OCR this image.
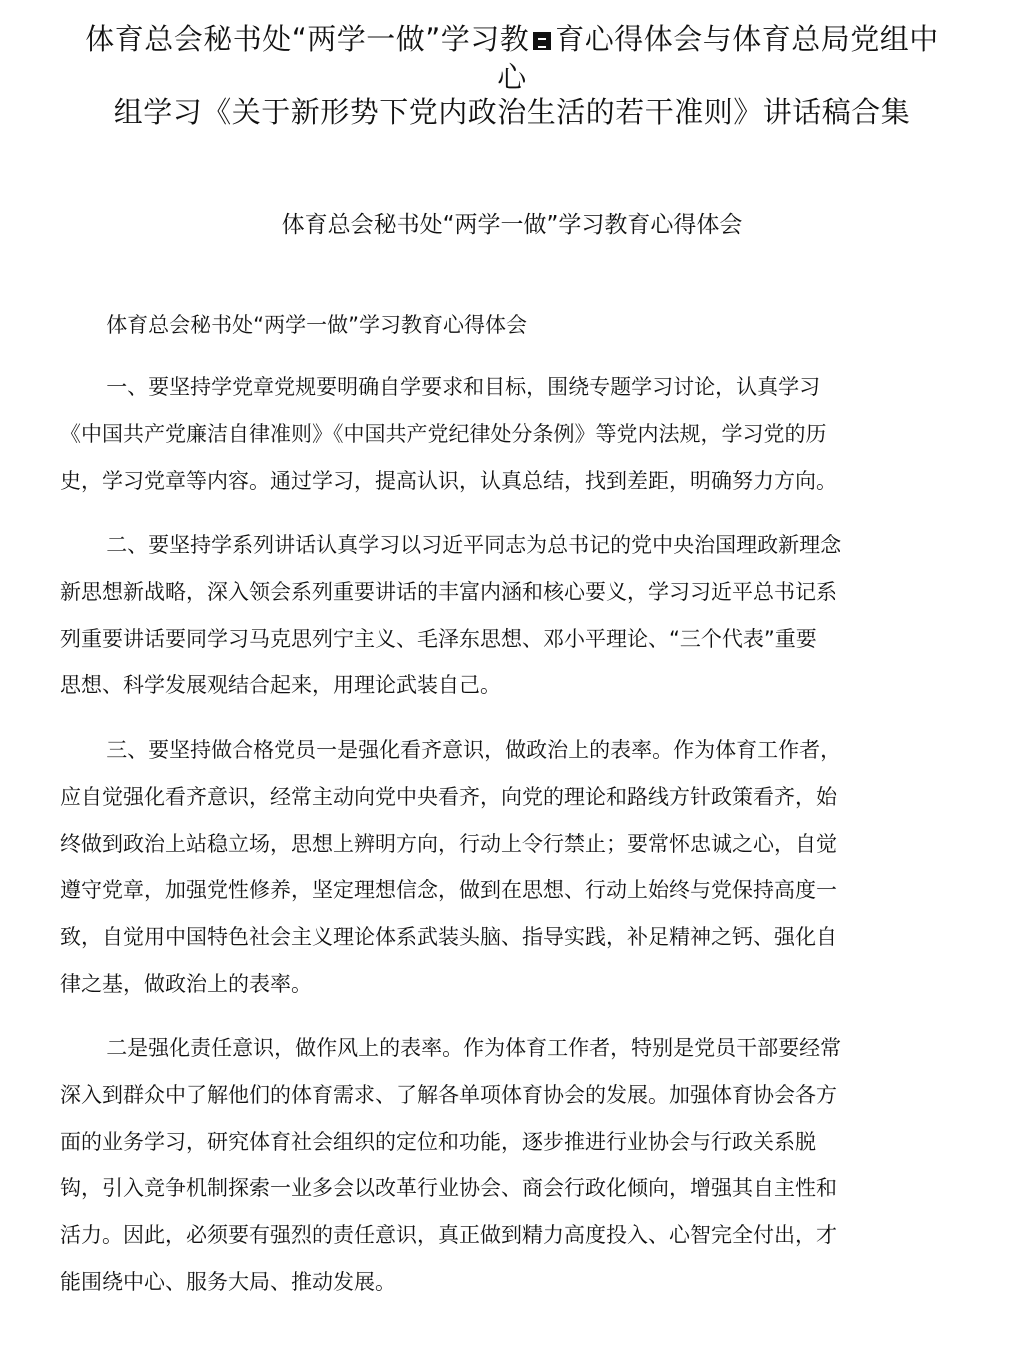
体育总会秘书处“两学一做”学习教 育心得体会与体育总局党组中
心
组学习《关于新形势下党内政治生活的若干准则》讲话稿合集
体育总会秘书处“两学一做”学习教育心得体会

体育总会秘书处“两学一做”学习教育心得体会

一、要坚持学党章党规要明确自学要求和目标，围绕专题学习讨论，认真学习
《中国共产党廉洁自律准则》《中国共产党纪律处分条例》等党内法规，学习党的历
史，学习党章等内容。通过学习，提高认识，认真总结，找到差距，明确努力方向。

二、要坚持学系列讲话认真学习以习近平同志为总书记的党中央治国理政新理念
新思想新战略，深入领会系列重要讲话的丰富内涵和核心要义，学习习近平总书记系
列重要讲话要同学习马克思列宁主义、毛泽东思想、邓小平理论、“三个代表”重要
思想、科学发展观结合起来，用理论武装自己。

三、要坚持做合格党员一是强化看齐意识，做政治上的表率。作为体育工作者，
应自觉强化看齐意识，经常主动向党中央看齐，向党的理论和路线方针政策看齐，始
终做到政治上站稳立场，思想上辨明方向，行动上令行禁止；要常怀忠诚之心，自觉
遵守党章，加强党性修养，坚定理想信念，做到在思想、行动上始终与党保持高度一
致，自觉用中国特色社会主义理论体系武装头脑、指导实践，补足精神之钙、强化自
律之基，做政治上的表率。

二是强化责任意识，做作风上的表率。作为体育工作者，特别是党员干部要经常
深入到群众中了解他们的体育需求、了解各单项体育协会的发展。加强体育协会各方
面的业务学习，研究体育社会组织的定位和功能，逐步推进行业协会与行政关系脱
钩，引入竞争机制探索一业多会以改革行业协会、商会行政化倾向，增强其自主性和
活力。因此，必须要有强烈的责任意识，真正做到精力高度投入、心智完全付出，才
能围绕中心、服务大局、推动发展。
